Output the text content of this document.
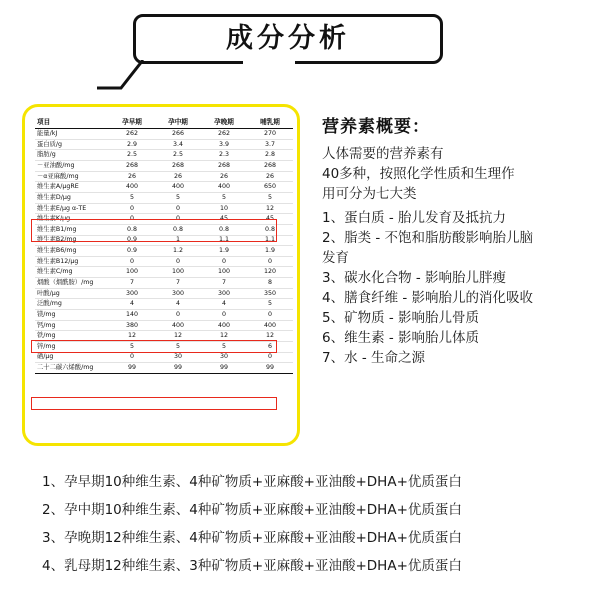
成分分析
项目	孕早期	孕中期	孕晚期	哺乳期
能量/kJ	262	266	262	270
蛋白质/g	2.9	3.4	3.9	3.7
脂肪/g	2.5	2.5	2.3	2.8
－亚油酸/mg	268	268	268	268
－α亚麻酸/mg	26	26	26	26
维生素A/μgRE	400	400	400	650
维生素D/μg	5	5	5	5
维生素E/μg α-TE	0	0	10	12
维生素K/μg	0	0	45	45
维生素B1/mg	0.8	0.8	0.8	0.8
维生素B2/mg	0.9	1	1.1	1.1
维生素B6/mg	0.9	1.2	1.9	1.9
维生素B12/μg	0	0	0	0
维生素C/mg	100	100	100	120
烟酸（烟酰胺）/mg	7	7	7	8
叶酸/μg	300	300	300	350
泛酸/mg	4	4	4	5
镁/mg	140	0	0	0
钙/mg	380	400	400	400
铁/mg	12	12	12	12
锌/mg	5	5	5	6
硒/μg	0	30	30	0
二十二碳六烯酸/mg	99	99	99	99
营养素概要：
人体需要的营养素有
40多种，按照化学性质和生理作
用可分为七大类
1、蛋白质 - 胎儿发育及抵抗力
2、脂类 - 不饱和脂肪酸影响胎儿脑
发育
3、碳水化合物 - 影响胎儿胖瘦
4、膳食纤维 - 影响胎儿的消化吸收
5、矿物质 - 影响胎儿骨质
6、维生素 - 影响胎儿体质
7、水 - 生命之源
1、孕早期10种维生素、4种矿物质+亚麻酸+亚油酸+DHA+优质蛋白
2、孕中期10种维生素、4种矿物质+亚麻酸+亚油酸+DHA+优质蛋白
3、孕晚期12种维生素、4种矿物质+亚麻酸+亚油酸+DHA+优质蛋白
4、乳母期12种维生素、3种矿物质+亚麻酸+亚油酸+DHA+优质蛋白
